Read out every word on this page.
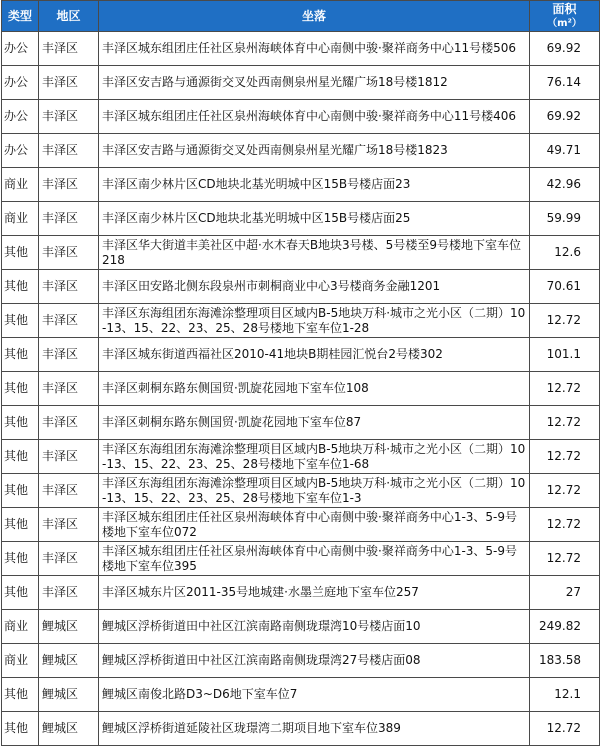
类型	地区	坐落	面积
（m²）
办公	丰泽区	丰泽区城东组团庄任社区泉州海峡体育中心南侧中骏·聚祥商务中心11号楼506	69.92
办公	丰泽区	丰泽区安吉路与通源街交叉处西南侧泉州星光耀广场18号楼1812	76.14
办公	丰泽区	丰泽区城东组团庄任社区泉州海峡体育中心南侧中骏·聚祥商务中心11号楼406	69.92
办公	丰泽区	丰泽区安吉路与通源街交叉处西南侧泉州星光耀广场18号楼1823	49.71
商业	丰泽区	丰泽区南少林片区CD地块北基光明城中区15B号楼店面23	42.96
商业	丰泽区	丰泽区南少林片区CD地块北基光明城中区15B号楼店面25	59.99
其他	丰泽区	丰泽区华大街道丰美社区中超·水木春天B地块3号楼、5号楼至9号楼地下室车位 218	12.6
其他	丰泽区	丰泽区田安路北侧东段泉州市刺桐商业中心3号楼商务金融1201	70.61
其他	丰泽区	丰泽区东海组团东海滩涂整理项目区域内B-5地块万科·城市之光小区（二期）10-13、15、22、23、25、28号楼地下室车位1-28	12.72
其他	丰泽区	丰泽区城东街道西福社区2010-41地块B期桂园汇悦台2号楼302	101.1
其他	丰泽区	丰泽区刺桐东路东侧国贸·凯旋花园地下室车位108	12.72
其他	丰泽区	丰泽区刺桐东路东侧国贸·凯旋花园地下室车位87	12.72
其他	丰泽区	丰泽区东海组团东海滩涂整理项目区域内B-5地块万科·城市之光小区（二期）10-13、15、22、23、25、28号楼地下室车位1-68	12.72
其他	丰泽区	丰泽区东海组团东海滩涂整理项目区域内B-5地块万科·城市之光小区（二期）10-13、15、22、23、25、28号楼地下室车位1-3	12.72
其他	丰泽区	丰泽区城东组团庄任社区泉州海峡体育中心南侧中骏·聚祥商务中心1-3、5-9号楼地下室车位072	12.72
其他	丰泽区	丰泽区城东组团庄任社区泉州海峡体育中心南侧中骏·聚祥商务中心1-3、5-9号楼地下室车位395	12.72
其他	丰泽区	丰泽区城东片区2011-35号地城建·水墨兰庭地下室车位257	27
商业	鲤城区	鲤城区浮桥街道田中社区江滨南路南侧珑璟湾10号楼店面10	249.82
商业	鲤城区	鲤城区浮桥街道田中社区江滨南路南侧珑璟湾27号楼店面08	183.58
其他	鲤城区	鲤城区南俊北路D3~D6地下室车位7	12.1
其他	鲤城区	鲤城区浮桥街道延陵社区珑璟湾二期项目地下室车位389	12.72
